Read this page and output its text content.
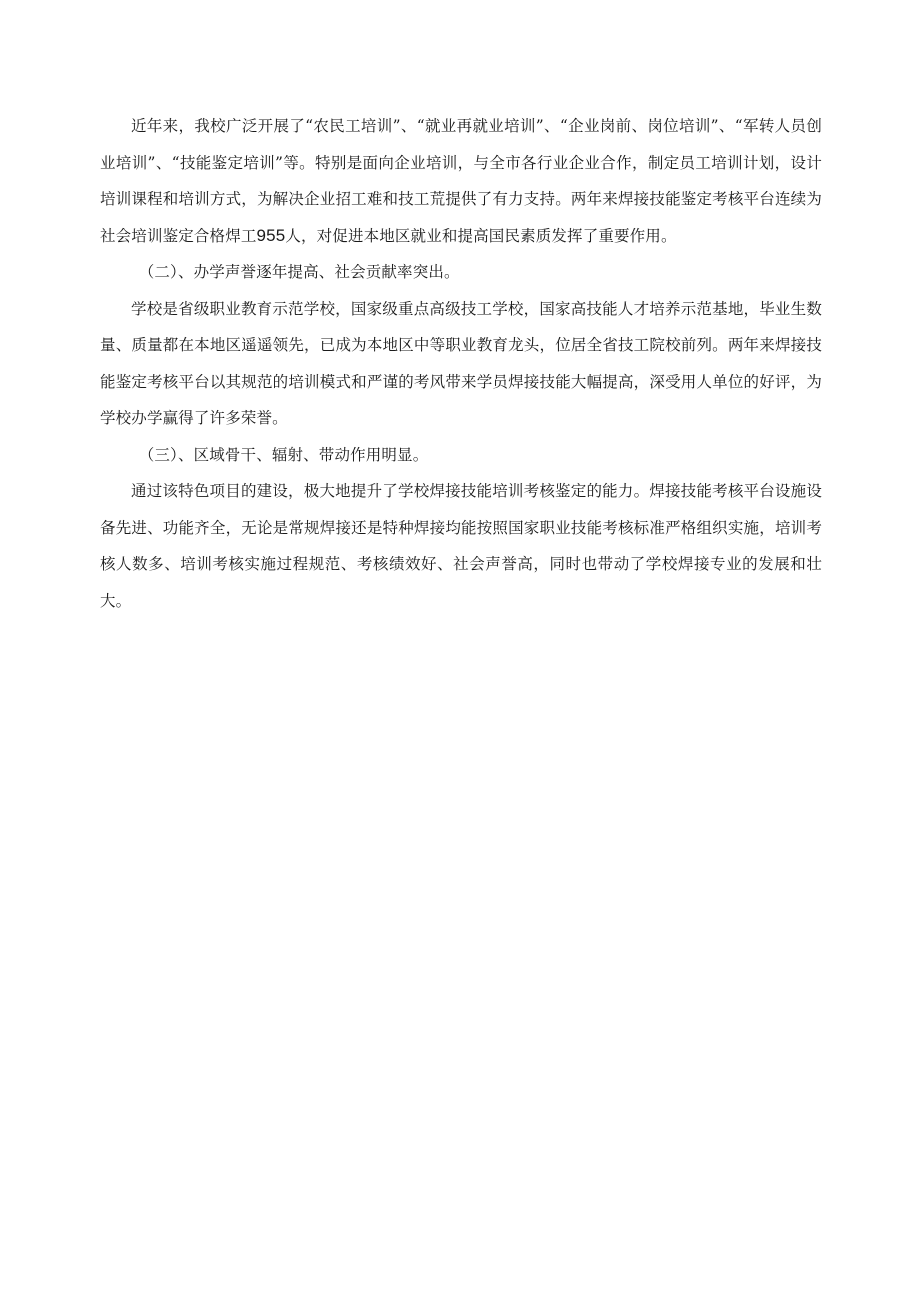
近年来，我校广泛开展了“农民工培训”、“就业再就业培训”、“企业岗前、岗位培训”、“军转人员创业培训”、“技能鉴定培训”等。特别是面向企业培训，与全市各行业企业合作，制定员工培训计划，设计培训课程和培训方式，为解决企业招工难和技工荒提供了有力支持。两年来焊接技能鉴定考核平台连续为社会培训鉴定合格焊工955人，对促进本地区就业和提高国民素质发挥了重要作用。

（二）、办学声誉逐年提高、社会贡献率突出。

学校是省级职业教育示范学校，国家级重点高级技工学校，国家高技能人才培养示范基地，毕业生数量、质量都在本地区遥遥领先，已成为本地区中等职业教育龙头，位居全省技工院校前列。两年来焊接技能鉴定考核平台以其规范的培训模式和严谨的考风带来学员焊接技能大幅提高，深受用人单位的好评，为学校办学赢得了许多荣誉。

（三）、区域骨干、辐射、带动作用明显。

通过该特色项目的建设，极大地提升了学校焊接技能培训考核鉴定的能力。焊接技能考核平台设施设备先进、功能齐全，无论是常规焊接还是特种焊接均能按照国家职业技能考核标准严格组织实施，培训考核人数多、培训考核实施过程规范、考核绩效好、社会声誉高，同时也带动了学校焊接专业的发展和壮大。
